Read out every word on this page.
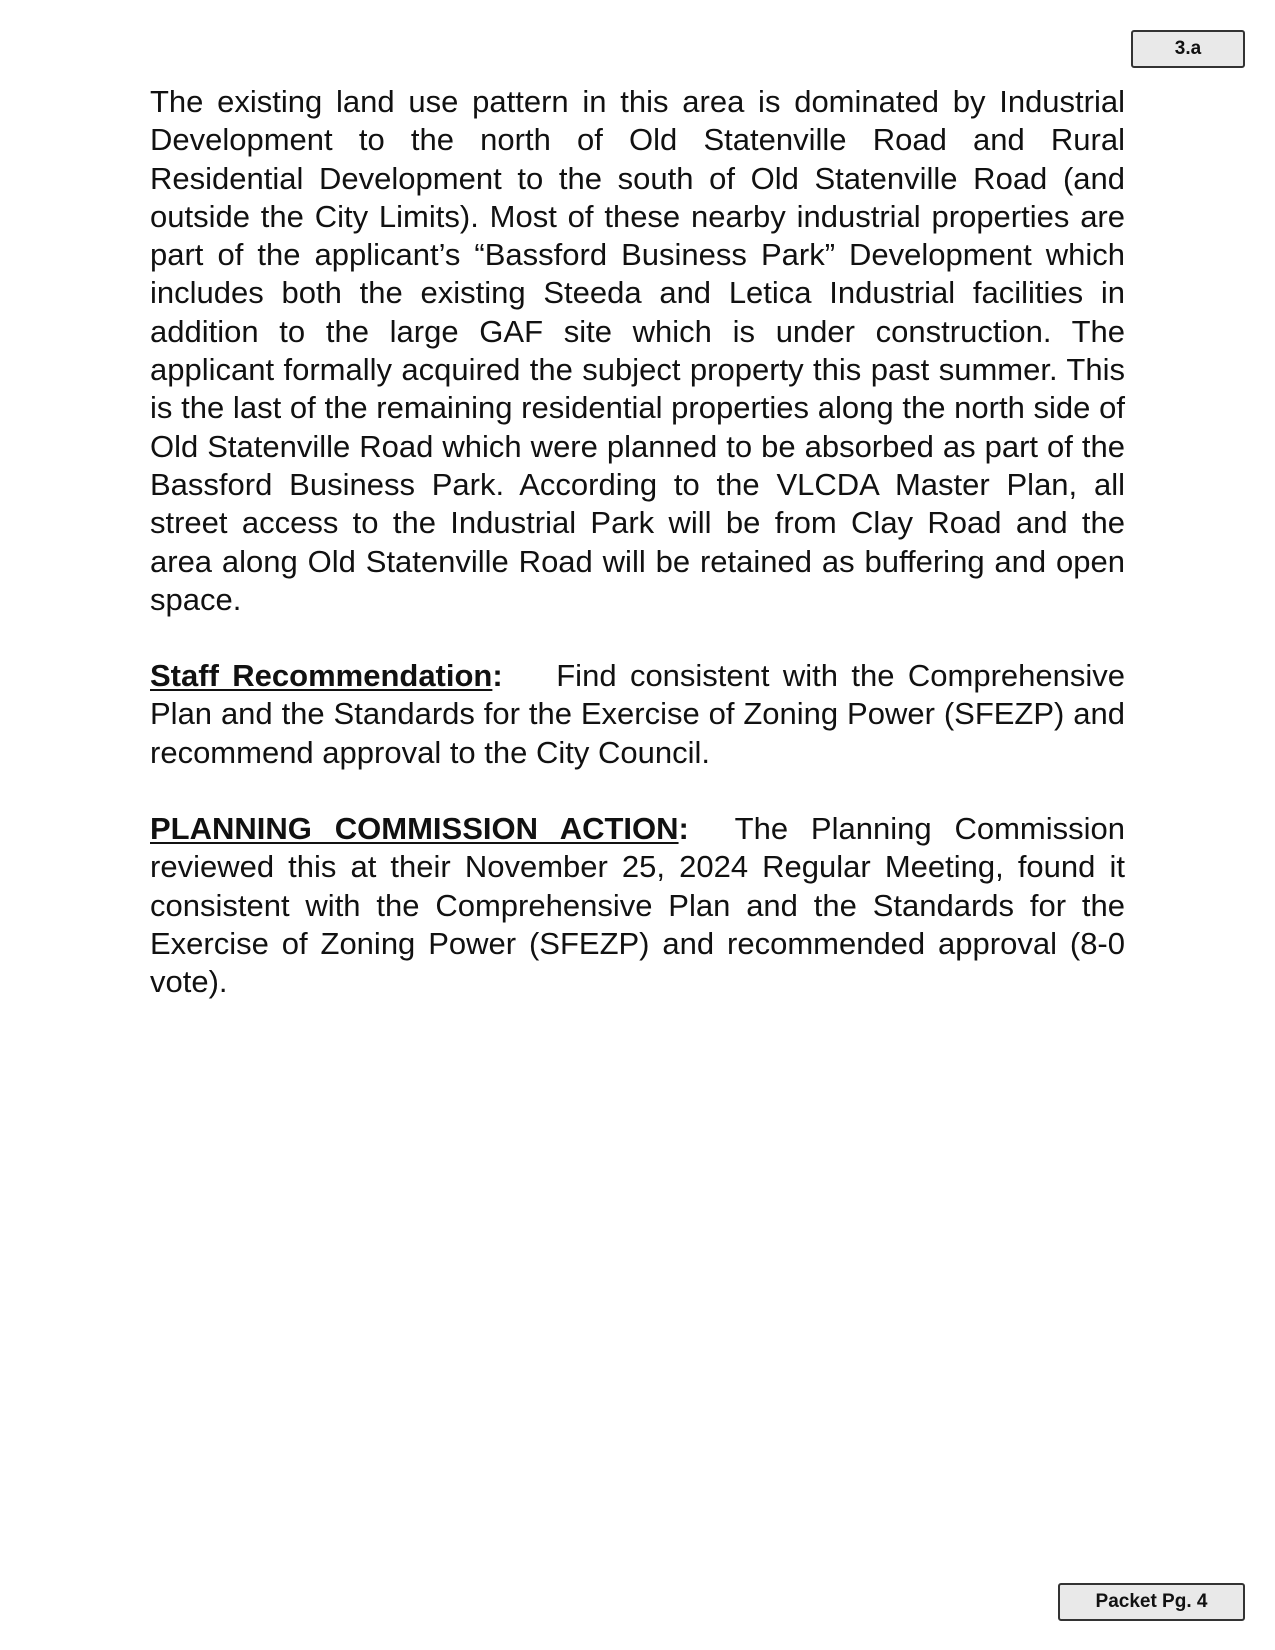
3.a

The existing land use pattern in this area is dominated by Industrial Development to the north of Old Statenville Road and Rural Residential Development to the south of Old Statenville Road (and outside the City Limits). Most of these nearby industrial properties are part of the applicant’s “Bassford Business Park” Development which includes both the existing Steeda and Letica Industrial facilities in addition to the large GAF site which is under construction. The applicant formally acquired the subject property this past summer. This is the last of the remaining residential properties along the north side of Old Statenville Road which were planned to be absorbed as part of the Bassford Business Park. According to the VLCDA Master Plan, all street access to the Industrial Park will be from Clay Road and the area along Old Statenville Road will be retained as buffering and open space.

Staff Recommendation: Find consistent with the Comprehensive Plan and the Standards for the Exercise of Zoning Power (SFEZP) and recommend approval to the City Council.

PLANNING COMMISSION ACTION: The Planning Commission reviewed this at their November 25, 2024 Regular Meeting, found it consistent with the Comprehensive Plan and the Standards for the Exercise of Zoning Power (SFEZP) and recommended approval (8-0 vote).

Packet Pg. 4
